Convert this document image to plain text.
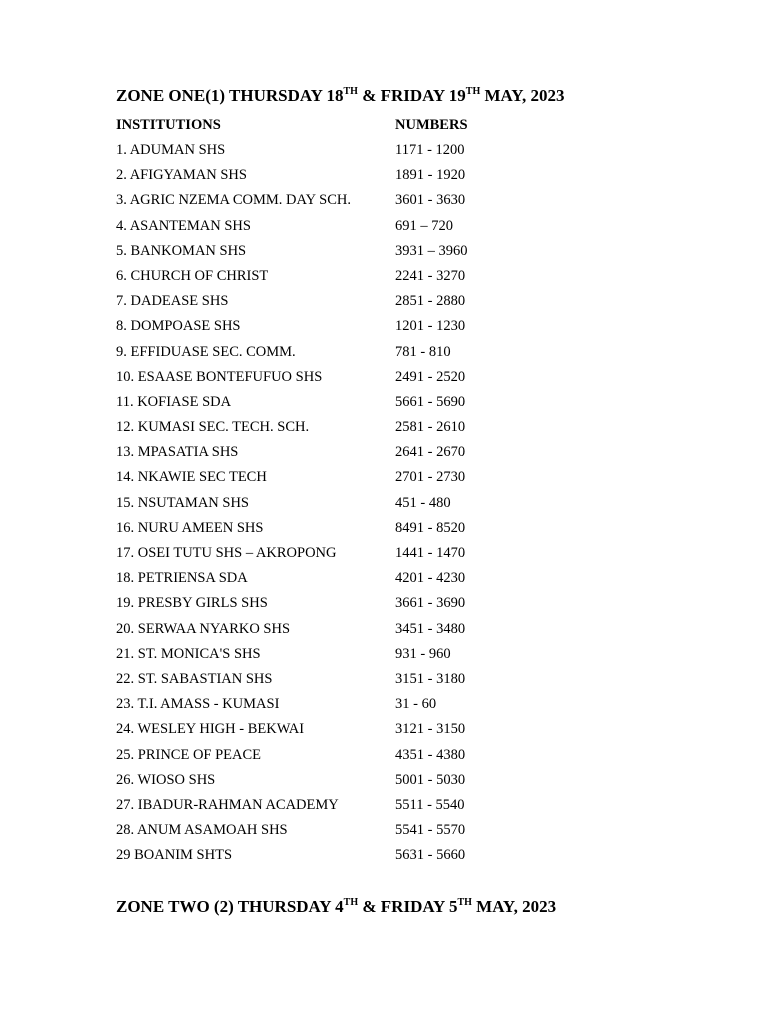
ZONE ONE(1) THURSDAY 18TH & FRIDAY 19TH MAY, 2023
INSTITUTIONS	NUMBERS
1. ADUMAN SHS	1171 - 1200
2. AFIGYAMAN SHS	1891 - 1920
3. AGRIC NZEMA COMM. DAY SCH.	3601 - 3630
4. ASANTEMAN SHS	691 – 720
5. BANKOMAN SHS	3931 – 3960
6. CHURCH OF CHRIST	2241 - 3270
7. DADEASE SHS	2851 - 2880
8. DOMPOASE SHS	1201 - 1230
9. EFFIDUASE SEC. COMM.	781 - 810
10. ESAASE BONTEFUFUO SHS	2491 - 2520
11. KOFIASE SDA	5661 - 5690
12. KUMASI SEC. TECH. SCH.	2581 - 2610
13. MPASATIA SHS	2641 - 2670
14. NKAWIE SEC TECH	2701 - 2730
15. NSUTAMAN SHS	451 - 480
16. NURU AMEEN SHS	8491 - 8520
17. OSEI TUTU SHS – AKROPONG	1441 - 1470
18. PETRIENSA SDA	4201 - 4230
19. PRESBY GIRLS SHS	3661 - 3690
20. SERWAA NYARKO SHS	3451 - 3480
21. ST. MONICA'S SHS	931 - 960
22. ST. SABASTIAN SHS	3151 - 3180
23. T.I. AMASS - KUMASI	31 - 60
24. WESLEY HIGH - BEKWAI	3121 - 3150
25. PRINCE OF PEACE	4351 - 4380
26. WIOSO SHS	5001 - 5030
27. IBADUR-RAHMAN ACADEMY	5511 - 5540
28. ANUM ASAMOAH SHS	5541 - 5570
29 BOANIM SHTS	5631 - 5660
ZONE TWO (2) THURSDAY 4TH & FRIDAY 5TH MAY, 2023
